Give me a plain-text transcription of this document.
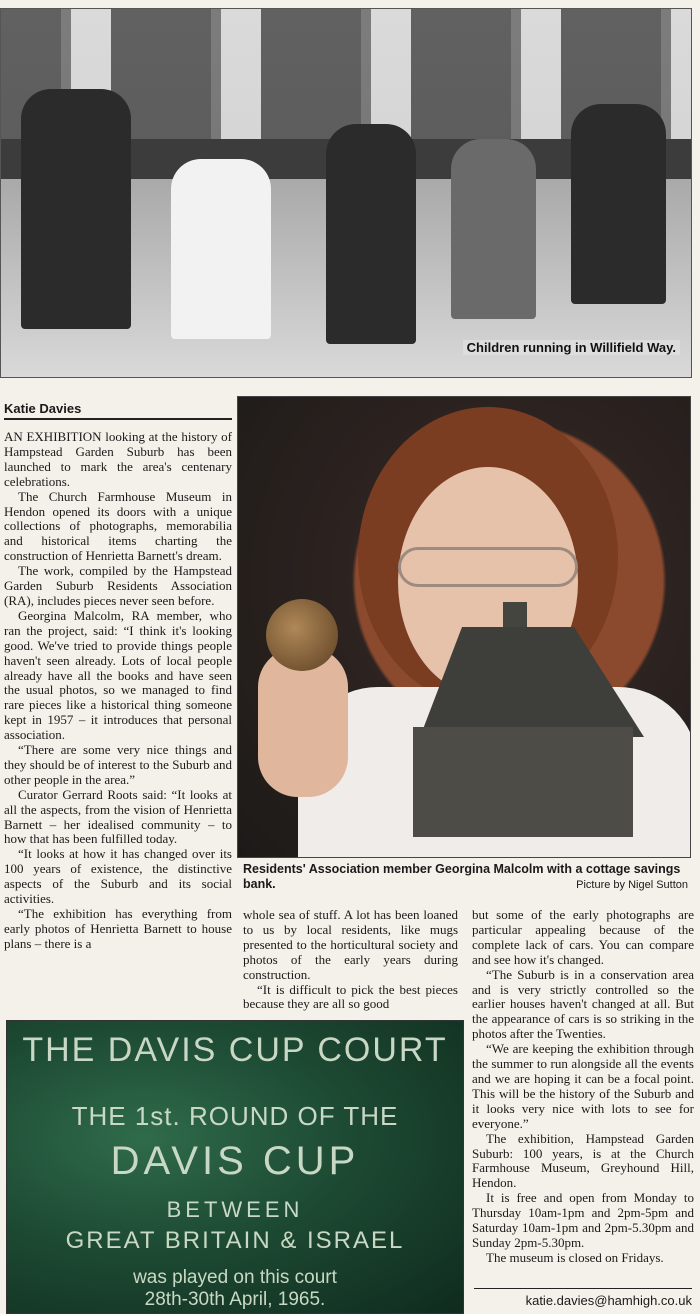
Children running in Willifield Way.
Katie Davies

AN EXHIBITION looking at the history of Hampstead Garden Suburb has been launched to mark the area's centenary celebrations.

The Church Farmhouse Museum in Hendon opened its doors with a unique collections of photographs, memorabilia and historical items charting the construction of Henrietta Barnett's dream.

The work, compiled by the Hampstead Garden Suburb Residents Association (RA), includes pieces never seen before.

Georgina Malcolm, RA member, who ran the project, said: “I think it's looking good. We've tried to provide things people haven't seen already. Lots of local people already have all the books and have seen the usual photos, so we managed to find rare pieces like a historical thing someone kept in 1957 – it introduces that personal association.

“There are some very nice things and they should be of interest to the Suburb and other people in the area.”

Curator Gerrard Roots said: “It looks at all the aspects, from the vision of Henrietta Barnett – her idealised community – to how that has been fulfilled today.

“It looks at how it has changed over its 100 years of existence, the distinctive aspects of the Suburb and its social activities.

“The exhibition has everything from early photos of Henrietta Barnett to house plans – there is a

Residents' Association member Georgina Malcolm with a cottage savings bank.	Picture by Nigel Sutton

whole sea of stuff. A lot has been loaned to us by local residents, like mugs presented to the horticultural society and photos of the early years during construction.

“It is difficult to pick the best pieces because they are all so good

but some of the early photographs are particular appealing because of the complete lack of cars. You can compare and see how it's changed.

“The Suburb is in a conservation area and is very strictly controlled so the earlier houses haven't changed at all. But the appearance of cars is so striking in the photos after the Twenties.

“We are keeping the exhibition through the summer to run alongside all the events and we are hoping it can be a focal point. This will be the history of the Suburb and it looks very nice with lots to see for everyone.”

The exhibition, Hampstead Garden Suburb: 100 years, is at the Church Farmhouse Museum, Greyhound Hill, Hendon.

It is free and open from Monday to Thursday 10am-1pm and 2pm-5pm and Saturday 10am-1pm and 2pm-5.30pm and Sunday 2pm-5.30pm.

The museum is closed on Fridays.

THE DAVIS CUP COURT
THE 1st. ROUND OF THE
DAVIS CUP
BETWEEN
GREAT BRITAIN & ISRAEL
was played on this court
28th-30th April, 1965.	katie.davies@hamhigh.co.uk
